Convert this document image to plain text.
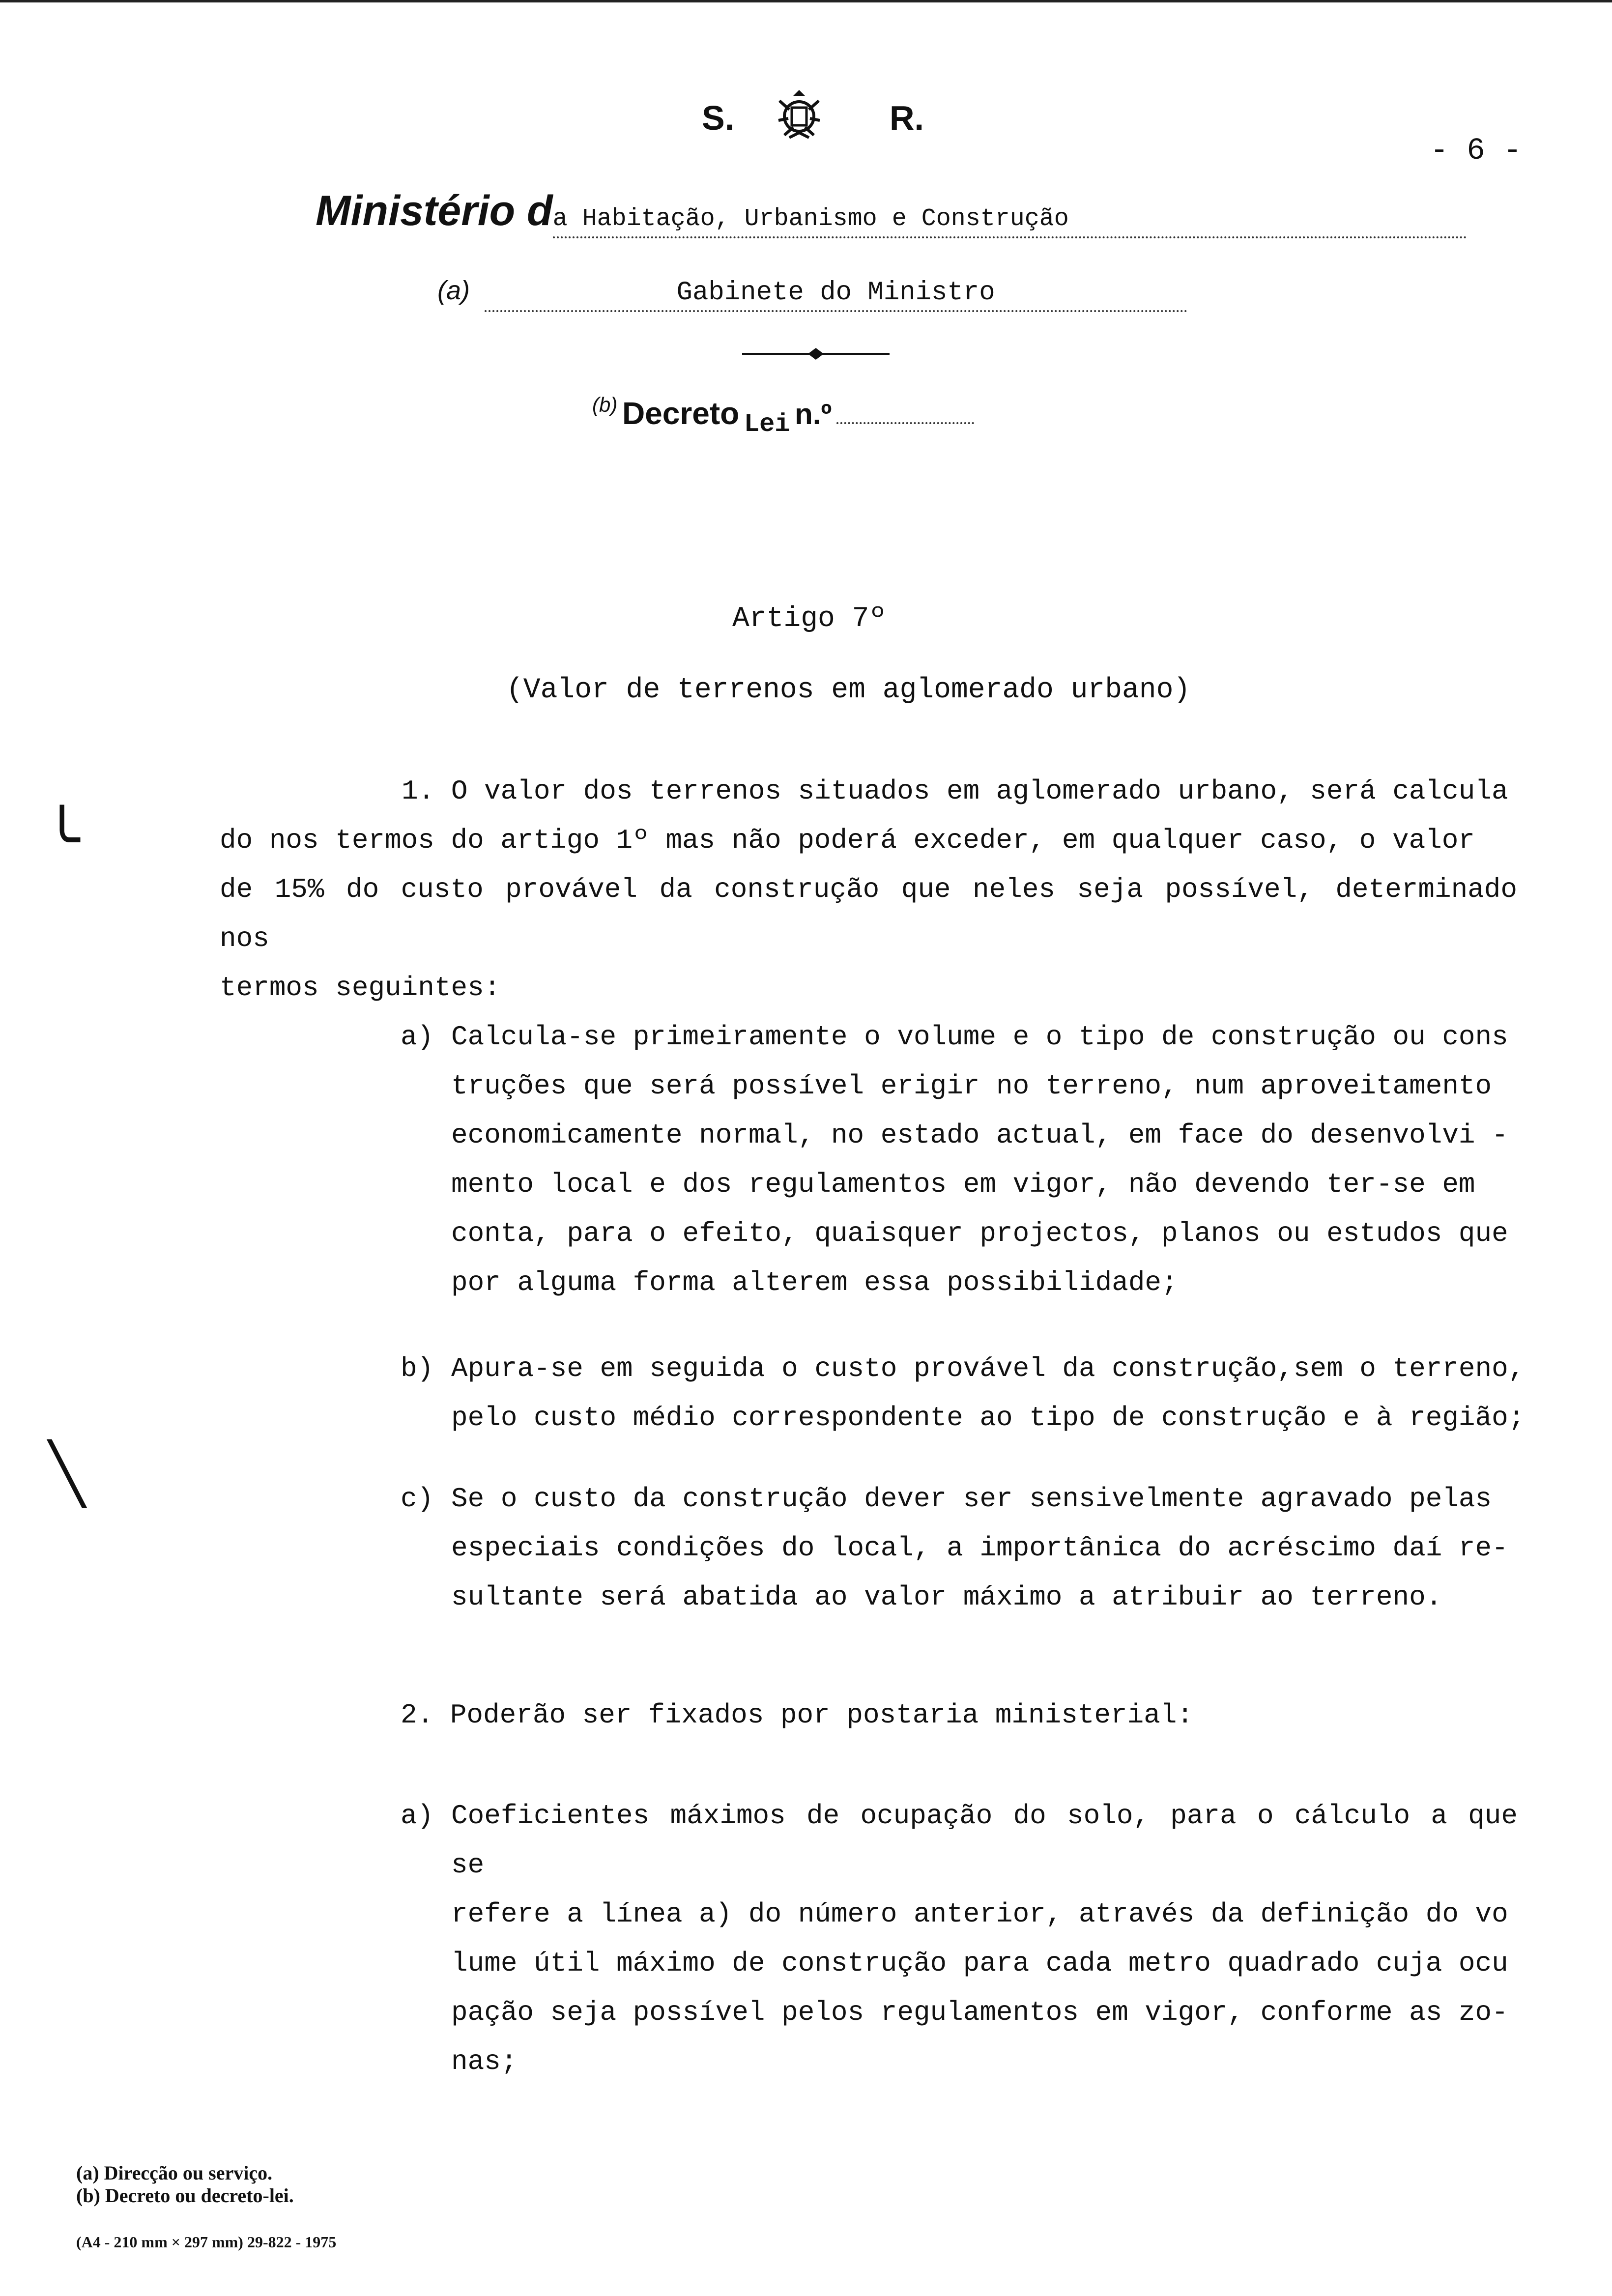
S.	R.
- 6 -
Ministério da Habitação, Urbanismo e Construção
(a)	Gabinete do Ministro
(b) Decreto Lei n.º
Artigo 7º
(Valor de terrenos em aglomerado urbano)
╰
╲
1. O valor dos terrenos situados em aglomerado urbano, será calcula
do nos termos do artigo 1º mas não poderá exceder, em qualquer caso, o valor
de 15% do custo provável da construção que neles seja possível, determinado nos
termos seguintes:
a) Calcula-se primeiramente o volume e o tipo de construção ou cons
truções que será possível erigir no terreno, num aproveitamento
economicamente normal, no estado actual, em face do desenvolvi -
mento local e dos regulamentos em vigor, não devendo ter-se em
conta, para o efeito, quaisquer projectos, planos ou estudos que
por alguma forma alterem essa possibilidade;
b) Apura-se em seguida o custo provável da construção,sem o terreno,
pelo custo médio correspondente ao tipo de construção e à região;
c) Se o custo da construção dever ser sensivelmente agravado pelas
especiais condições do local, a importânica do acréscimo daí re-
sultante será abatida ao valor máximo a atribuir ao terreno.
2. Poderão ser fixados por postaria ministerial:
a) Coeficientes máximos de ocupação do solo, para o cálculo a que se
refere a línea a) do número anterior, através da definição do vo
lume útil máximo de construção para cada metro quadrado cuja ocu
pação seja possível pelos regulamentos em vigor, conforme as zo-
nas;
(a) Direcção ou serviço.
(b) Decreto ou decreto-lei.
(A4 - 210 mm × 297 mm) 29-822 - 1975
